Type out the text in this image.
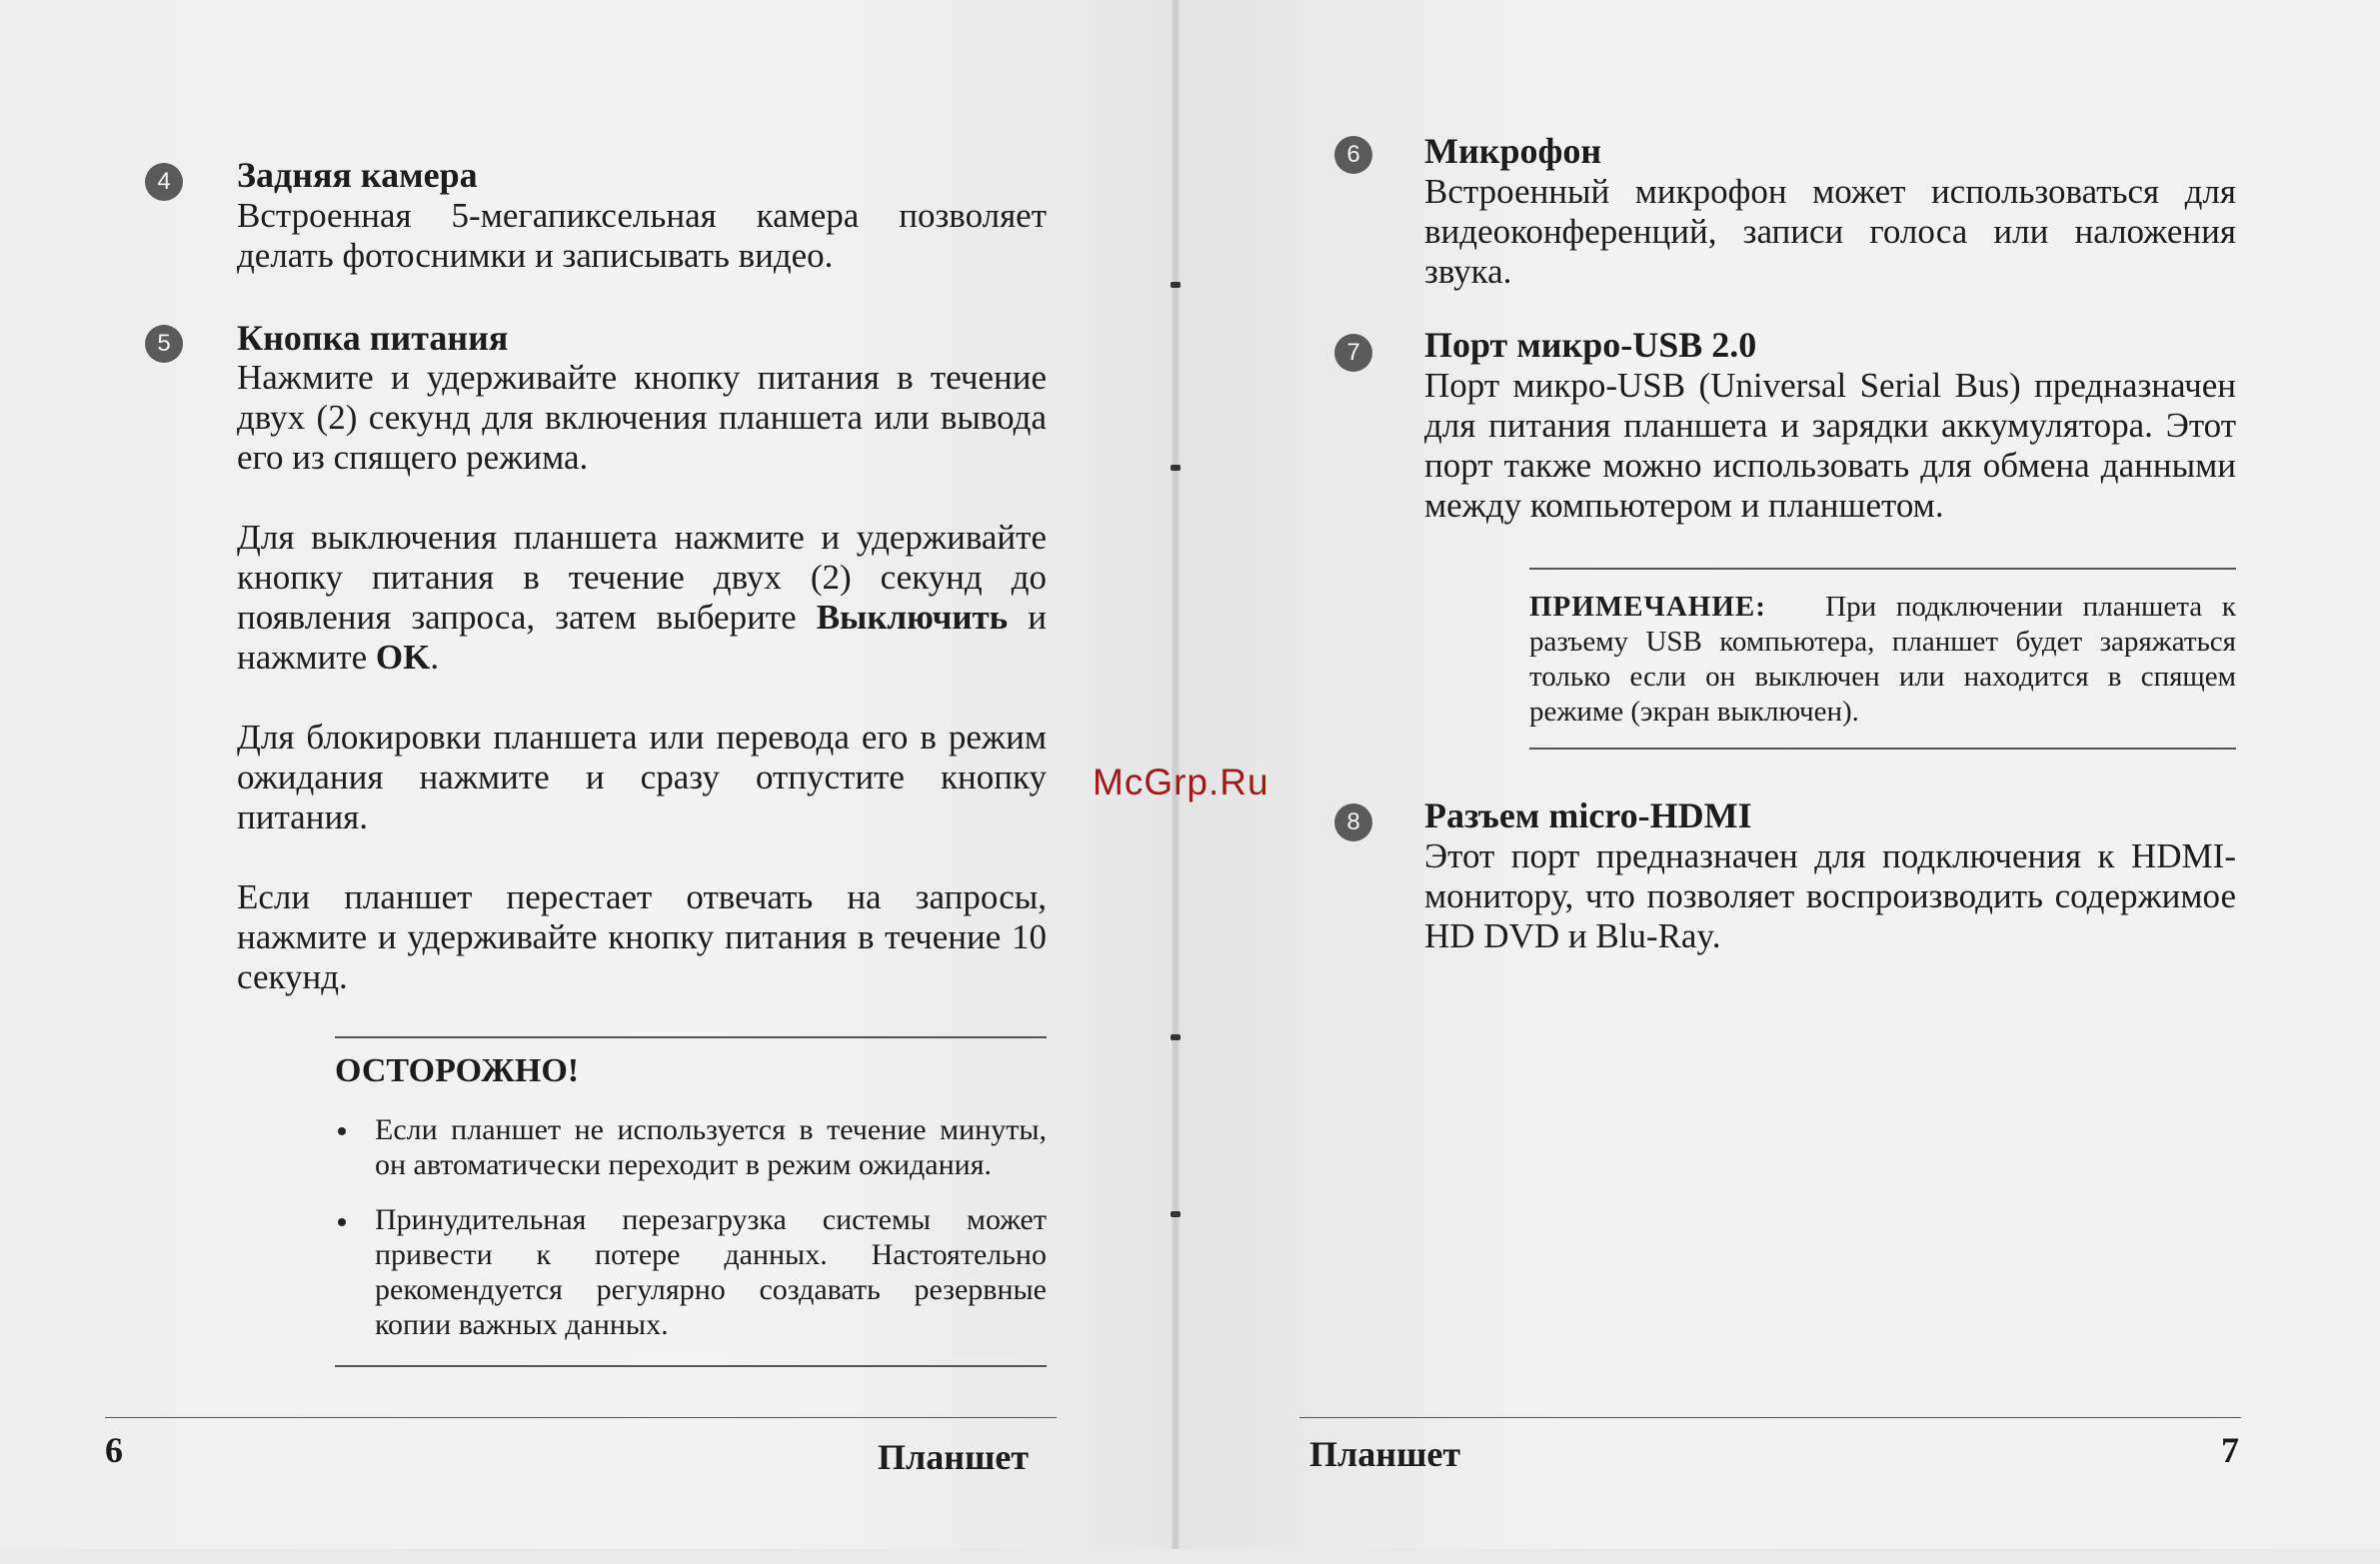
4	Задняя камера
Встроенная 5-мегапиксельная камера позволяет делать фотоснимки и записывать видео.
5	Кнопка питания
Нажмите и удерживайте кнопку питания в течение двух (2) секунд для включения планшета или вывода его из спящего режима.
Для выключения планшета нажмите и удерживайте кнопку питания в течение двух (2) секунд до появления запроса, затем выберите Выключить и нажмите OK.
Для блокировки планшета или перевода его в режим ожидания нажмите и сразу отпустите кнопку питания.
Если планшет перестает отвечать на запросы, нажмите и удерживайте кнопку питания в течение 10 секунд.
ОСТОРОЖНО!
Если планшет не используется в течение минуты, он автоматически переходит в режим ожидания.
Принудительная перезагрузка системы может привести к потере данных. Настоятельно рекомендуется регулярно создавать резервные копии важных данных.
6	Планшет
6	Микрофон
Встроенный микрофон может использоваться для видеоконференций, записи голоса или наложения звука.
7	Порт микро-USB 2.0
Порт микро-USB (Universal Serial Bus) предназначен для питания планшета и зарядки аккумулятора. Этот порт также можно использовать для обмена данными между компьютером и планшетом.
ПРИМЕЧАНИЕ: При подключении планшета к разъему USB компьютера, планшет будет заряжаться только если он выключен или находится в спящем режиме (экран выключен).
8	Разъем micro-HDMI
Этот порт предназначен для подключения к HDMI-монитору, что позволяет воспроизводить содержимое HD DVD и Blu-Ray.
Планшет	7
McGrp.Ru
